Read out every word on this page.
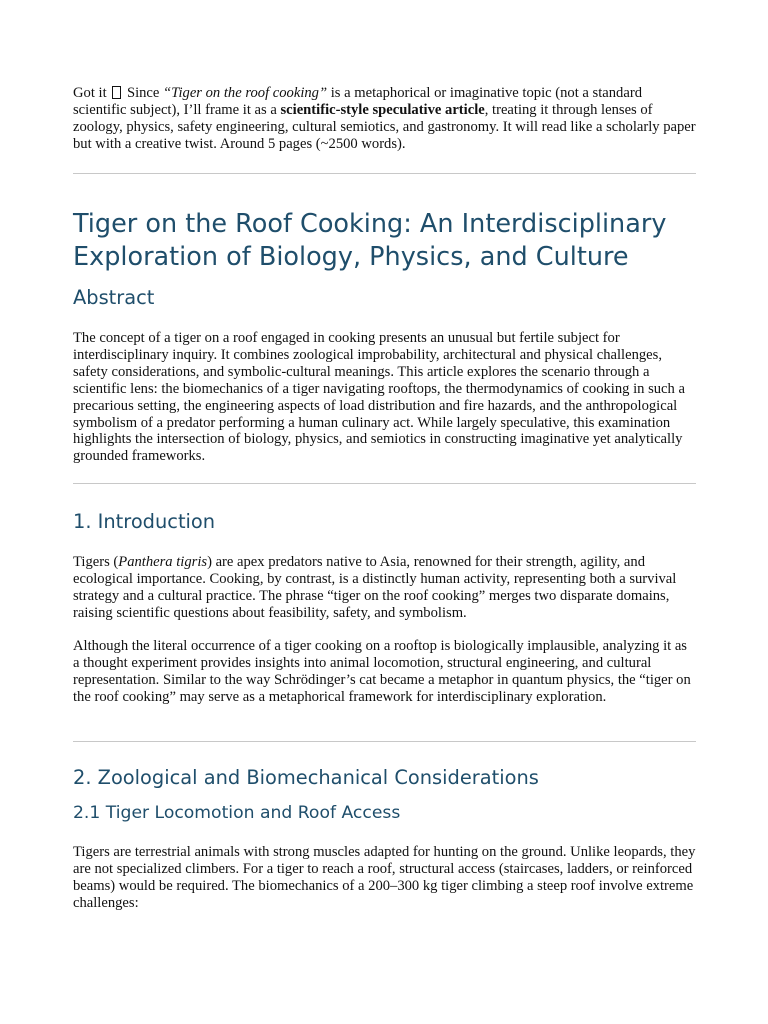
Got it  Since “Tiger on the roof cooking” is a metaphorical or imaginative topic (not a standard scientific subject), I’ll frame it as a scientific-style speculative article, treating it through lenses of zoology, physics, safety engineering, cultural semiotics, and gastronomy. It will read like a scholarly paper but with a creative twist. Around 5 pages (~2500 words).

Tiger on the Roof Cooking: An Interdisciplinary Exploration of Biology, Physics, and Culture
Abstract

The concept of a tiger on a roof engaged in cooking presents an unusual but fertile subject for interdisciplinary inquiry. It combines zoological improbability, architectural and physical challenges, safety considerations, and symbolic-cultural meanings. This article explores the scenario through a scientific lens: the biomechanics of a tiger navigating rooftops, the thermodynamics of cooking in such a precarious setting, the engineering aspects of load distribution and fire hazards, and the anthropological symbolism of a predator performing a human culinary act. While largely speculative, this examination highlights the intersection of biology, physics, and semiotics in constructing imaginative yet analytically grounded frameworks.

1. Introduction

Tigers (Panthera tigris) are apex predators native to Asia, renowned for their strength, agility, and ecological importance. Cooking, by contrast, is a distinctly human activity, representing both a survival strategy and a cultural practice. The phrase “tiger on the roof cooking” merges two disparate domains, raising scientific questions about feasibility, safety, and symbolism.

Although the literal occurrence of a tiger cooking on a rooftop is biologically implausible, analyzing it as a thought experiment provides insights into animal locomotion, structural engineering, and cultural representation. Similar to the way Schrödinger’s cat became a metaphor in quantum physics, the “tiger on the roof cooking” may serve as a metaphorical framework for interdisciplinary exploration.

2. Zoological and Biomechanical Considerations
2.1 Tiger Locomotion and Roof Access

Tigers are terrestrial animals with strong muscles adapted for hunting on the ground. Unlike leopards, they are not specialized climbers. For a tiger to reach a roof, structural access (staircases, ladders, or reinforced beams) would be required. The biomechanics of a 200–300 kg tiger climbing a steep roof involve extreme challenges:
